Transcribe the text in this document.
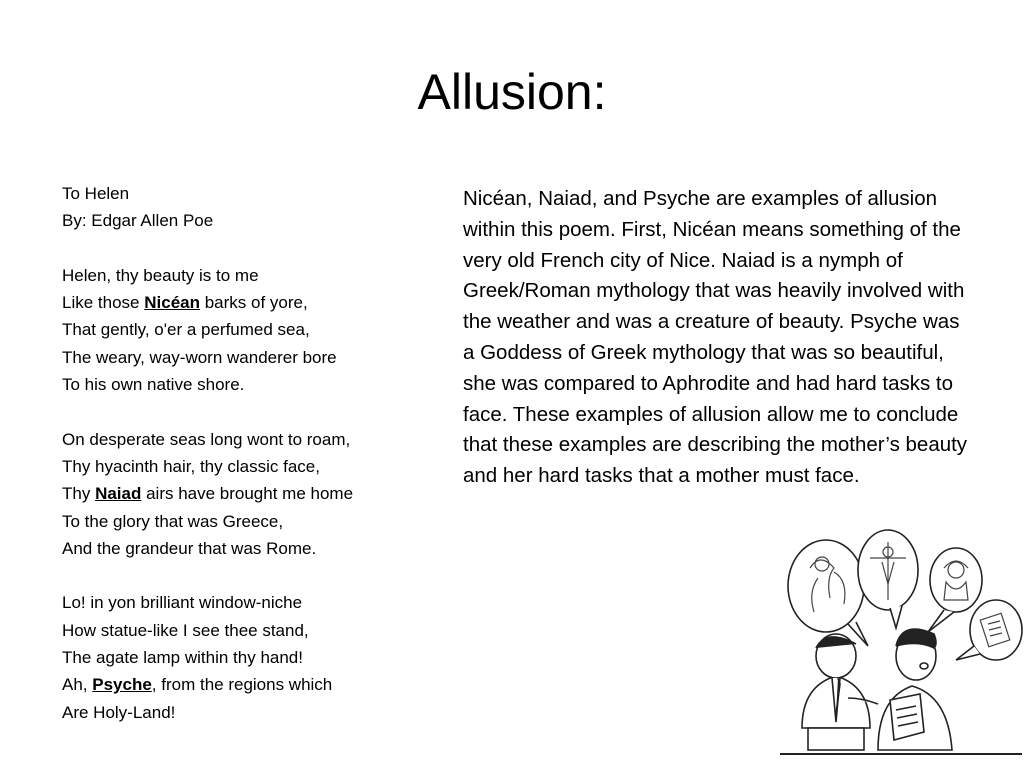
Allusion:
To Helen
By: Edgar Allen Poe
Helen, thy beauty is to me
Like those Nicéan barks of yore,
That gently, o'er a perfumed sea,
The weary, way-worn wanderer bore
To his own native shore.
On desperate seas long wont to roam,
Thy hyacinth hair, thy classic face,
Thy Naiad airs have brought me home
To the glory that was Greece,
And the grandeur that was Rome.
Lo! in yon brilliant window-niche
How statue-like I see thee stand,
The agate lamp within thy hand!
Ah, Psyche, from the regions which
Are Holy-Land!
Nicéan, Naiad, and Psyche are examples of allusion within this poem. First, Nicéan means something of the very old French city of Nice. Naiad is a nymph of Greek/Roman mythology that was heavily involved with the weather and was a creature of beauty. Psyche was a Goddess of Greek mythology that was so beautiful, she was compared to Aphrodite and had hard tasks to face. These examples of allusion allow me to conclude that these examples are describing the mother’s beauty and her hard tasks that a mother must face.
